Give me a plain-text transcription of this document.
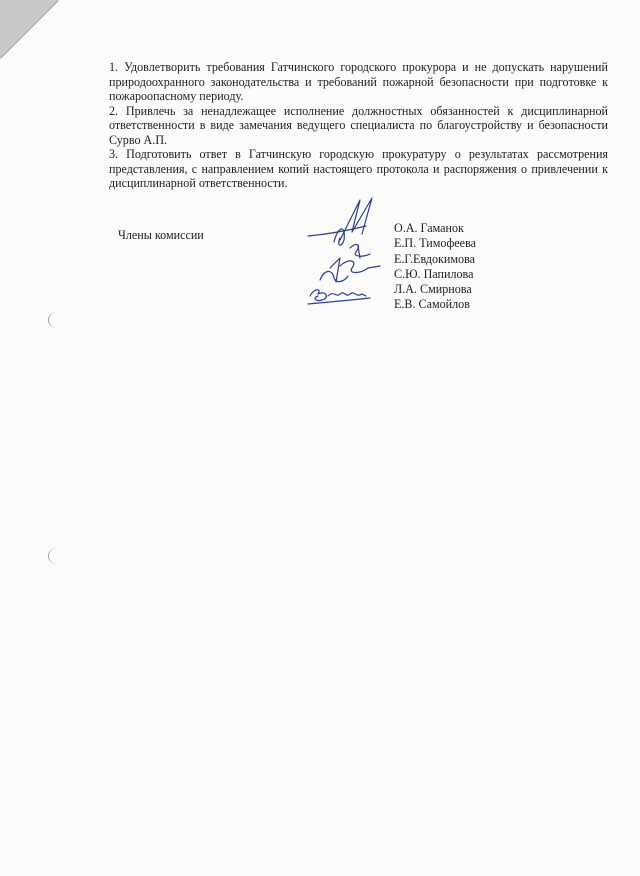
1. Удовлетворить требования Гатчинского городского прокурора и не допускать нарушений природоохранного законодательства и требований пожарной безопасности при подготовке к пожароопасному периоду.

2. Привлечь за ненадлежащее исполнение должностных обязанностей к дисциплинарной ответственности в виде замечания ведущего специалиста по благоустройству и безопасности Сурво А.П.

3. Подготовить ответ в Гатчинскую городскую прокуратуру о результатах рассмотрения представления, с направлением копий настоящего протокола и распоряжения о привлечении к дисциплинарной ответственности.

Члены комиссии	О.А. Гаманок
Е.П. Тимофеева
Е.Г.Евдокимова
С.Ю. Папилова
Л.А. Смирнова
Е.В. Самойлов
